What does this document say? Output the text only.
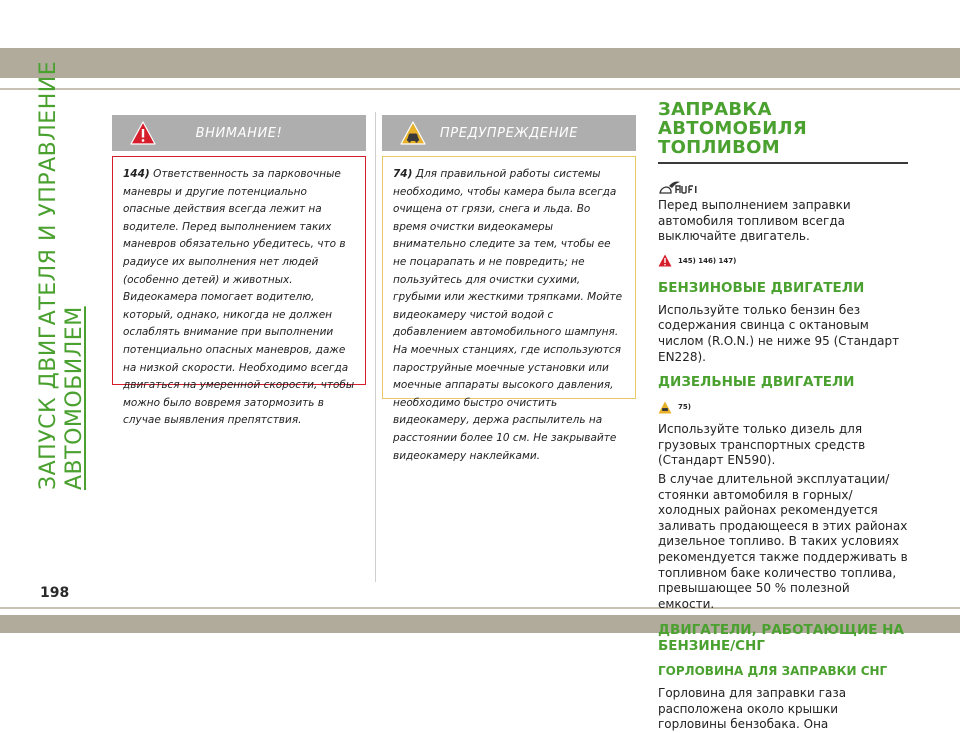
ЗАПУСК ДВИГАТЕЛЯ И УПРАВЛЕНИЕ АВТОМОБИЛЕМ
198
ВНИМАНИЕ!
144) Ответственность за парковочные маневры и другие потенциально опасные действия всегда лежит на водителе. Перед выполнением таких маневров обязательно убедитесь, что в радиусе их выполнения нет людей (особенно детей) и животных. Видеокамера помогает водителю, который, однако, никогда не должен ослаблять внимание при выполнении потенциально опасных маневров, даже на низкой скорости. Необходимо всегда двигаться на умеренной скорости, чтобы можно было вовремя затормозить в случае выявления препятствия.
ПРЕДУПРЕЖДЕНИЕ
74) Для правильной работы системы необходимо, чтобы камера была всегда очищена от грязи, снега и льда. Во время очистки видеокамеры внимательно следите за тем, чтобы ее не поцарапать и не повредить; не пользуйтесь для очистки сухими, грубыми или жесткими тряпками. Мойте видеокамеру чистой водой с добавлением автомобильного шампуня. На моечных станциях, где используются пароструйные моечные установки или моечные аппараты высокого давления, необходимо быстро очистить видеокамеру, держа распылитель на расстоянии более 10 см. Не закрывайте видеокамеру наклейками.
ЗАПРАВКА АВТОМОБИЛЯ
ТОПЛИВОМ

Перед выполнением заправки автомобиля топливом всегда выключайте двигатель.

145) 146) 147)
БЕНЗИНОВЫЕ ДВИГАТЕЛИ

Используйте только бензин без содержания свинца с октановым числом (R.O.N.) не ниже 95 (Стандарт EN228).

ДИЗЕЛЬНЫЕ ДВИГАТЕЛИ
75)

Используйте только дизель для грузовых транспортных средств (Стандарт EN590).

В случае длительной эксплуатации/ стоянки автомобиля в горных/холодных районах рекомендуется заливать продающееся в этих районах дизельное топливо. В таких условиях рекомендуется также поддерживать в топливном баке количество топлива, превышающее 50 % полезной емкости.

ДВИГАТЕЛИ, РАБОТАЮЩИЕ НА БЕНЗИНЕ/СНГ
ГОРЛОВИНА ДЛЯ ЗАПРАВКИ СНГ

Горловина для заправки газа расположена около крышки горловины бензобака. Она
